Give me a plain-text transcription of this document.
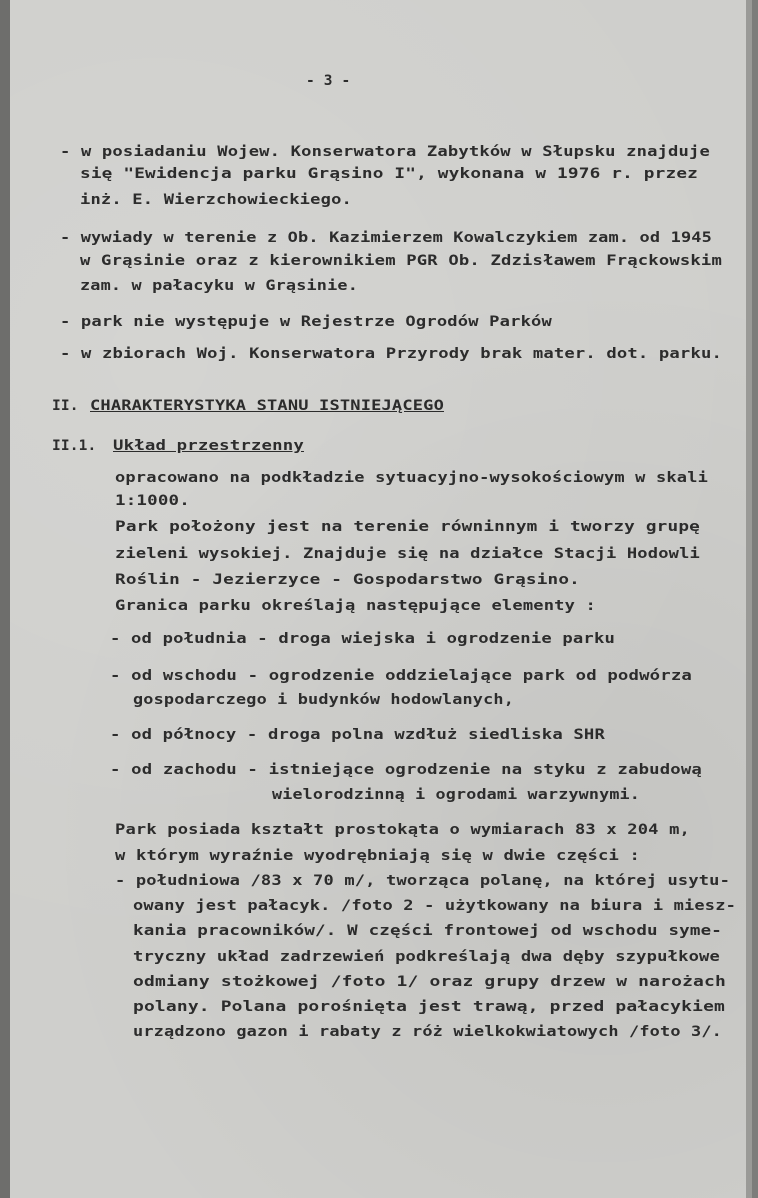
- 3 -
- w posiadaniu Wojew. Konserwatora Zabytków w Słupsku znajduje
się "Ewidencja parku Grąsino I", wykonana w 1976 r. przez
inż. E. Wierzchowieckiego.
- wywiady w terenie z Ob. Kazimierzem Kowalczykiem zam. od 1945
w Grąsinie oraz z kierownikiem PGR Ob. Zdzisławem Frąckowskim
zam. w pałacyku w Grąsinie.
- park nie występuje w Rejestrze Ogrodów Parków
- w zbiorach Woj. Konserwatora Przyrody brak mater. dot. parku.
II. CHARAKTERYSTYKA STANU ISTNIEJĄCEGO
II.1. Układ przestrzenny
opracowano na podkładzie sytuacyjno-wysokościowym w skali
1:1000.
Park położony jest na terenie równinnym i tworzy grupę
zieleni wysokiej. Znajduje się na działce Stacji Hodowli
Roślin - Jezierzyce - Gospodarstwo Grąsino.
Granica parku określają następujące elementy :
- od południa - droga wiejska i ogrodzenie parku
- od wschodu - ogrodzenie oddzielające park od podwórza
gospodarczego i budynków hodowlanych,
- od północy - droga polna wzdłuż siedliska SHR
- od zachodu - istniejące ogrodzenie na styku z zabudową
wielorodzinną i ogrodami warzywnymi.
Park posiada kształt prostokąta o wymiarach 83 x 204 m,
w którym wyraźnie wyodrębniają się w dwie części :
- południowa /83 x 70 m/, tworząca polanę, na której usytu-
owany jest pałacyk. /foto 2 - użytkowany na biura i miesz-
kania pracowników/. W części frontowej od wschodu syme-
tryczny układ zadrzewień podkreślają dwa dęby szypułkowe
odmiany stożkowej /foto 1/ oraz grupy drzew w narożach
polany. Polana porośnięta jest trawą, przed pałacykiem
urządzono gazon i rabaty z róż wielkokwiatowych /foto 3/.
